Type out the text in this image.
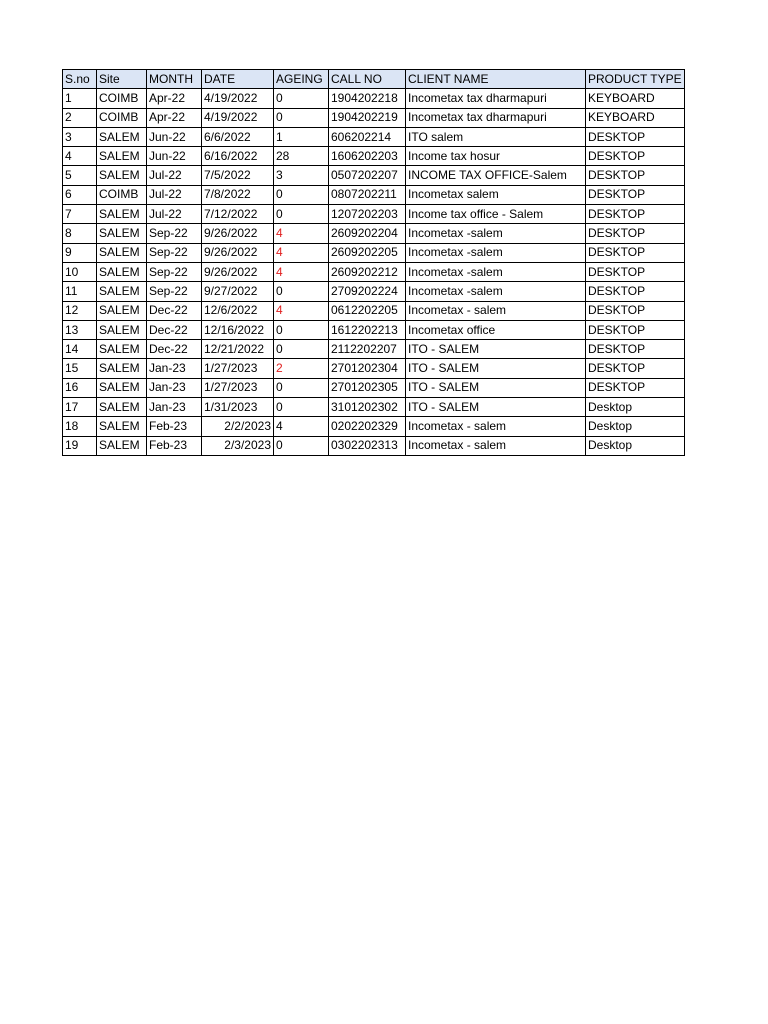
S.no	Site	MONTH	DATE	AGEING	CALL NO	CLIENT NAME	PRODUCT TYPE
1	COIMB	Apr-22	4/19/2022	0	1904202218	Incometax tax dharmapuri	KEYBOARD
2	COIMB	Apr-22	4/19/2022	0	1904202219	Incometax tax dharmapuri	KEYBOARD
3	SALEM	Jun-22	6/6/2022	1	606202214	ITO salem	DESKTOP
4	SALEM	Jun-22	6/16/2022	28	1606202203	Income tax hosur	DESKTOP
5	SALEM	Jul-22	7/5/2022	3	0507202207	INCOME TAX OFFICE-Salem	DESKTOP
6	COIMB	Jul-22	7/8/2022	0	0807202211	Incometax salem	DESKTOP
7	SALEM	Jul-22	7/12/2022	0	1207202203	Income tax office - Salem	DESKTOP
8	SALEM	Sep-22	9/26/2022	4	2609202204	Incometax -salem	DESKTOP
9	SALEM	Sep-22	9/26/2022	4	2609202205	Incometax -salem	DESKTOP
10	SALEM	Sep-22	9/26/2022	4	2609202212	Incometax -salem	DESKTOP
11	SALEM	Sep-22	9/27/2022	0	2709202224	Incometax -salem	DESKTOP
12	SALEM	Dec-22	12/6/2022	4	0612202205	Incometax - salem	DESKTOP
13	SALEM	Dec-22	12/16/2022	0	1612202213	Incometax office	DESKTOP
14	SALEM	Dec-22	12/21/2022	0	2112202207	ITO - SALEM	DESKTOP
15	SALEM	Jan-23	1/27/2023	2	2701202304	ITO - SALEM	DESKTOP
16	SALEM	Jan-23	1/27/2023	0	2701202305	ITO - SALEM	DESKTOP
17	SALEM	Jan-23	1/31/2023	0	3101202302	ITO - SALEM	Desktop
18	SALEM	Feb-23	2/2/2023	4	0202202329	Incometax - salem	Desktop
19	SALEM	Feb-23	2/3/2023	0	0302202313	Incometax - salem	Desktop
